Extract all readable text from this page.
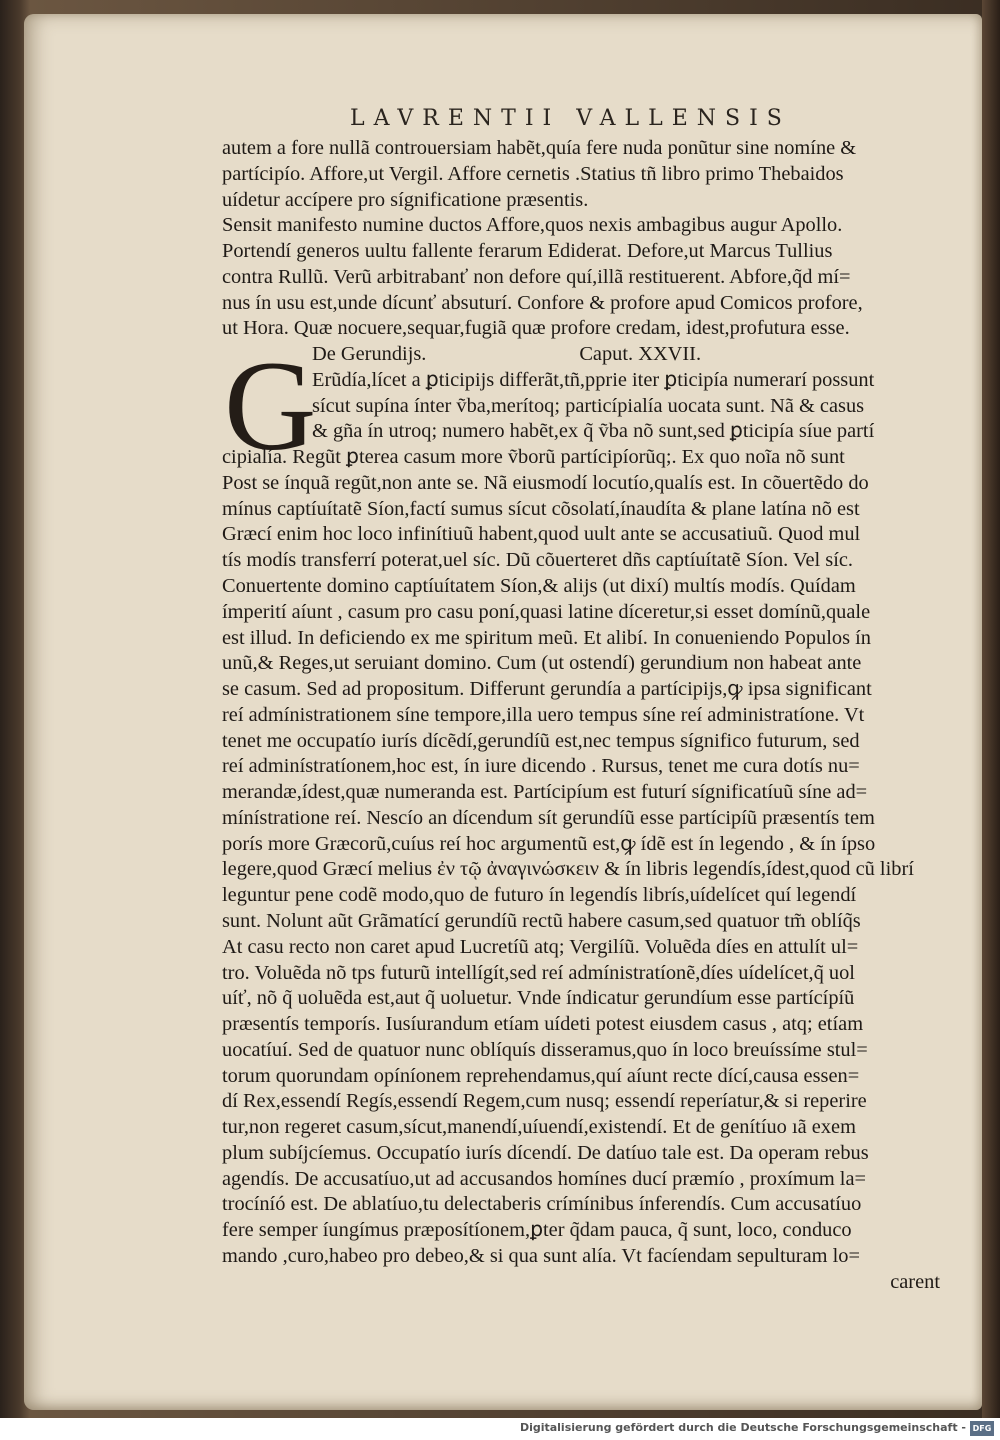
LAVRENTII VALLENSIS
G
autem a fore nullã controuersiam habẽt,quía fere nuda ponũtur sine nomíne &
partícipío. Affore,ut Vergil. Affore cernetis .Statius tñ libro primo Thebaidos
uídetur accípere pro sígnificatione præsentis.
Sensit manifesto numine ductos Affore,quos nexis ambagibus augur Apollo.
Portendí generos uultu fallente ferarum Ediderat. Defore,ut Marcus Tullius
contra Rullũ. Verũ arbitrabanť non defore quí,illã restituerent. Abfore,q̃d mí=
nus ín usu est,unde dícunť absuturí. Confore & profore apud Comicos profore,
ut Hora. Quæ nocuere,sequar,fugiã quæ profore credam, idest,profutura esse.
De Gerundijs.                              Caput. XXVII.
Erũdía,lícet a ꝑticipijs differãt,tñ,pprie iter ꝑticipía numerarí possunt
sícut supína ínter ṽba,merítoq; particípialía uocata sunt. Nã & casus
& gña ín utroq; numero habẽt,ex q̃ ṽba nõ sunt,sed ꝑticipía síue partí
cipialía. Regũt ꝑterea casum more ṽborũ partícipíorũq;. Ex quo noĩa nõ sunt
Post se ínquã regũt,non ante se. Nã eiusmodí locutío,qualís est. In cõuertẽdo do
mínus captíuítatẽ Síon,factí sumus sícut cõsolatí,ínaudíta & plane latína nõ est
Græcí enim hoc loco infinítiuũ habent,quod uult ante se accusatiuũ. Quod mul
tís modís transferrí poterat,uel síc. Dũ cõuerteret dñs captíuítatẽ Síon. Vel síc.
Conuertente domino captíuítatem Síon,& alijs (ut dixí) multís modís. Quídam
ímperití aíunt , casum pro casu poní,quasi latine díceretur,si esset domínũ,quale
est illud. In deficiendo ex me spiritum meũ. Et alibí. In conueniendo Populos ín
unũ,& Reges,ut seruiant domino. Cum (ut ostendí) gerundium non habeat ante
se casum. Sed ad propositum. Differunt gerundía a partícipijs,ꝙ ipsa significant
reí admínistrationem síne tempore,illa uero tempus síne reí administratíone. Vt
tenet me occupatío iurís dícẽdí,gerundíũ est,nec tempus sígnifico futurum, sed
reí adminístratíonem,hoc est, ín iure dicendo . Rursus, tenet me cura dotís nu=
merandæ,ídest,quæ numeranda est. Partícipíum est futurí sígnificatíuũ síne ad=
mínístratione reí. Nescío an dícendum sít gerundíũ esse partícipíũ præsentís tem
porís more Græcorũ,cuíus reí hoc argumentũ est,ꝙ ídẽ est ín legendo , & ín ípso
legere,quod Græcí melius ἐν τῷ ἀναγινώσκειν & ín libris legendís,ídest,quod cũ librí
leguntur pene codẽ modo,quo de futuro ín legendís librís,uídelícet quí legendí
sunt. Nolunt aũt Grãmatící gerundíũ rectũ habere casum,sed quatuor tm̃ oblíq̃s
At casu recto non caret apud Lucretíũ atq; Vergilíũ. Voluẽda díes en attulít ul=
tro. Voluẽda nõ tps futurũ intellígít,sed reí admínistratíonẽ,díes uídelícet,q̃ uol
uíť, nõ q̃ uoluẽda est,aut q̃ uoluetur. Vnde índicatur gerundíum esse partícípíũ
præsentís temporís. Iusíurandum etíam uídeti potest eiusdem casus , atq; etíam
uocatíuí. Sed de quatuor nunc oblíquís disseramus,quo ín loco breuíssíme stul=
torum quorundam opíníonem reprehendamus,quí aíunt recte dící,causa essen=
dí Rex,essendí Regís,essendí Regem,cum nusq; essendí reperíatur,& si reperire
tur,non regeret casum,sícut,manendí,uíuendí,existendí. Et de genítíuo ıã exem
plum subíjcíemus. Occupatío iurís dícendí. De datíuo tale est. Da operam rebus
agendís. De accusatíuo,ut ad accusandos homínes ducí præmío , proxímum la=
trocíníó est. De ablatíuo,tu delectaberis crímínibus ínferendís. Cum accusatíuo
fere semper íungímus præposítíonem,ꝑter q̃dam pauca, q̃ sunt, loco, conduco
mando ,curo,habeo pro debeo,& si qua sunt alía. Vt facíendam sepulturam lo=
carent
Digitalisierung gefördert durch die Deutsche Forschungsgemeinschaft - DFG
